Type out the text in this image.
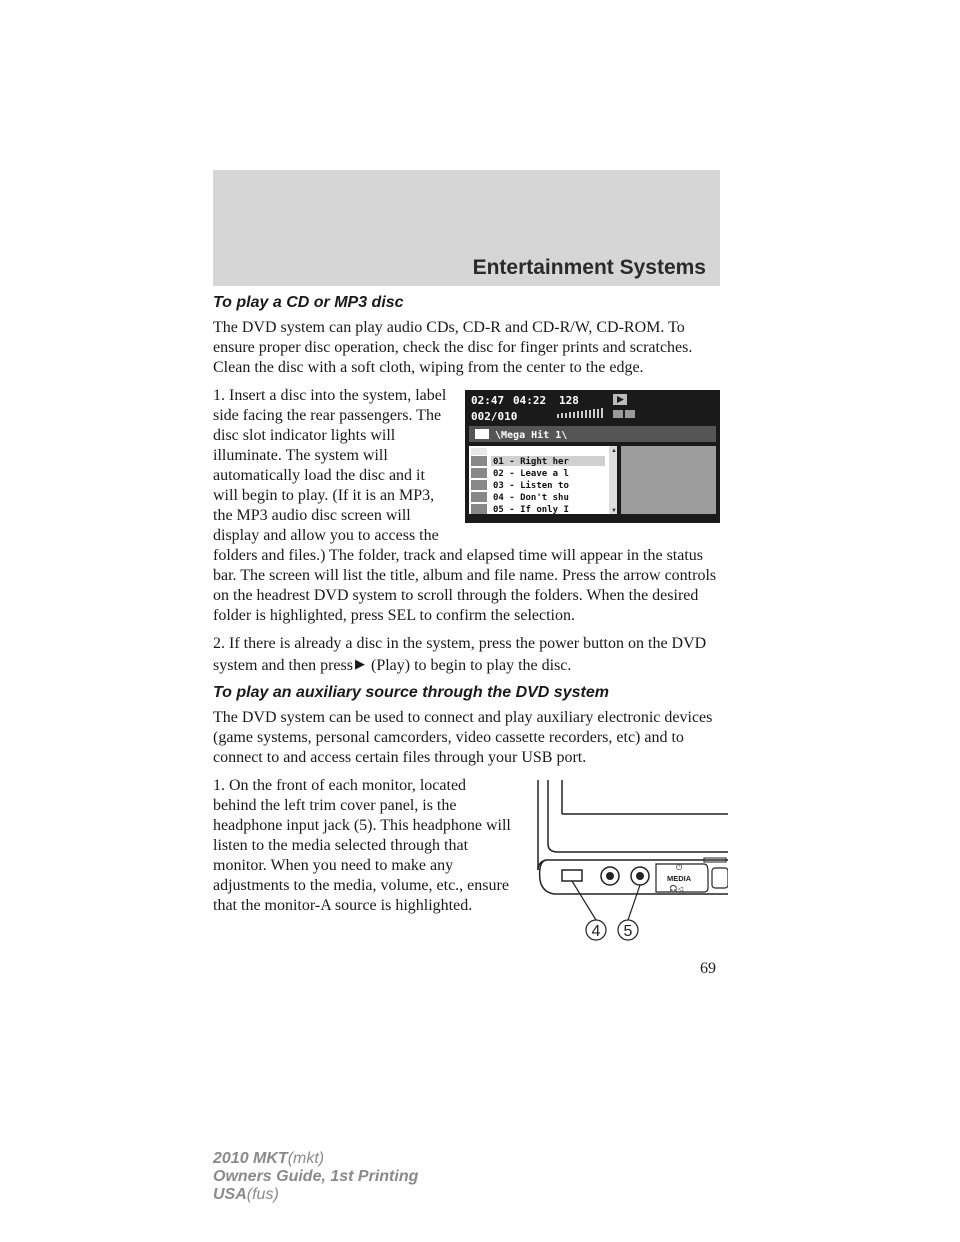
Entertainment Systems
To play a CD or MP3 disc

The DVD system can play audio CDs, CD-R and CD-R/W, CD-ROM. To ensure proper disc operation, check the disc for finger prints and scratches. Clean the disc with a soft cloth, wiping from the center to the edge.

02:47 04:22 128
002/010
\Mega Hit 1\
▲
▼
01 - Right her
02 - Leave a l
03 - Listen to
04 - Don't shu
05 - If only I

1. Insert a disc into the system, label side facing the rear passengers. The disc slot indicator lights will illuminate. The system will automatically load the disc and it will begin to play. (If it is an MP3, the MP3 audio disc screen will display and allow you to access the folders and files.) The folder, track and elapsed time will appear in the status bar. The screen will list the title, album and file name. Press the arrow controls on the headrest DVD system to scroll through the folders. When the desired folder is highlighted, press SEL to confirm the selection.

2. If there is already a disc in the system, press the power button on the DVD system and then press ▶ (Play) to begin to play the disc.

To play an auxiliary source through the DVD system

The DVD system can be used to connect and play auxiliary electronic devices (game systems, personal camcorders, video cassette recorders, etc) and to connect to and access certain files through your USB port.

⏻
MEDIA
🎧◁
4 5

1. On the front of each monitor, located behind the left trim cover panel, is the headphone input jack (5). This headphone will listen to the media selected through that monitor. When you need to make any adjustments to the media, volume, etc., ensure that the monitor-A source is highlighted.

69
2010 MKT(mkt)
Owners Guide, 1st Printing
USA(fus)
